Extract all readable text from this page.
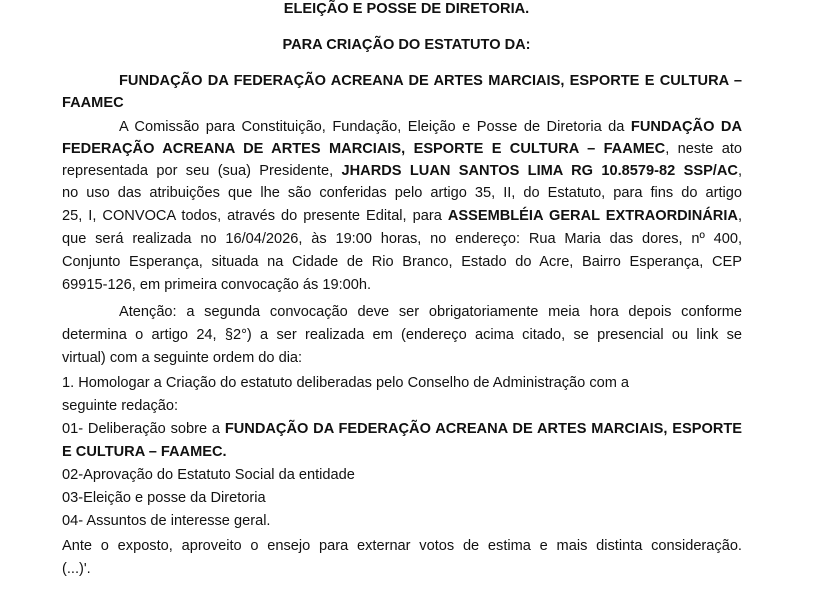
ELEIÇÃO E POSSE DE DIRETORIA.
PARA CRIAÇÃO DO ESTATUTO DA:
FUNDAÇÃO DA FEDERAÇÃO ACREANA DE ARTES MARCIAIS, ESPORTE E CULTURA –
FAAMEC
A Comissão para Constituição, Fundação, Eleição e Posse de Diretoria da FUNDAÇÃO DA
FEDERAÇÃO ACREANA DE ARTES MARCIAIS, ESPORTE E CULTURA – FAAMEC, neste ato
representada por seu (sua) Presidente, JHARDS LUAN SANTOS LIMA RG 10.8579-82 SSP/AC,
no uso das atribuições que lhe são conferidas pelo artigo 35, II, do Estatuto, para fins do artigo
25, I, CONVOCA todos, através do presente Edital, para ASSEMBLÉIA GERAL EXTRAORDINÁRIA,
que será realizada no 16/04/2026, às 19:00 horas, no endereço: Rua Maria das dores, nº 400,
Conjunto Esperança, situada na Cidade de Rio Branco, Estado do Acre, Bairro Esperança, CEP
69915-126, em primeira convocação ás 19:00h.
Atenção: a segunda convocação deve ser obrigatoriamente meia hora depois conforme
determina o artigo 24, §2°) a ser realizada em (endereço acima citado, se presencial ou link se
virtual) com a seguinte ordem do dia:
1. Homologar a Criação do estatuto deliberadas pelo Conselho de Administração com a
seguinte redação:
01- Deliberação sobre a FUNDAÇÃO DA FEDERAÇÃO ACREANA DE ARTES MARCIAIS, ESPORTE
E CULTURA – FAAMEC.
02-Aprovação do Estatuto Social da entidade
03-Eleição e posse da Diretoria
04- Assuntos de interesse geral.
Ante o exposto, aproveito o ensejo para externar votos de estima e mais distinta consideração.
(...)'.
